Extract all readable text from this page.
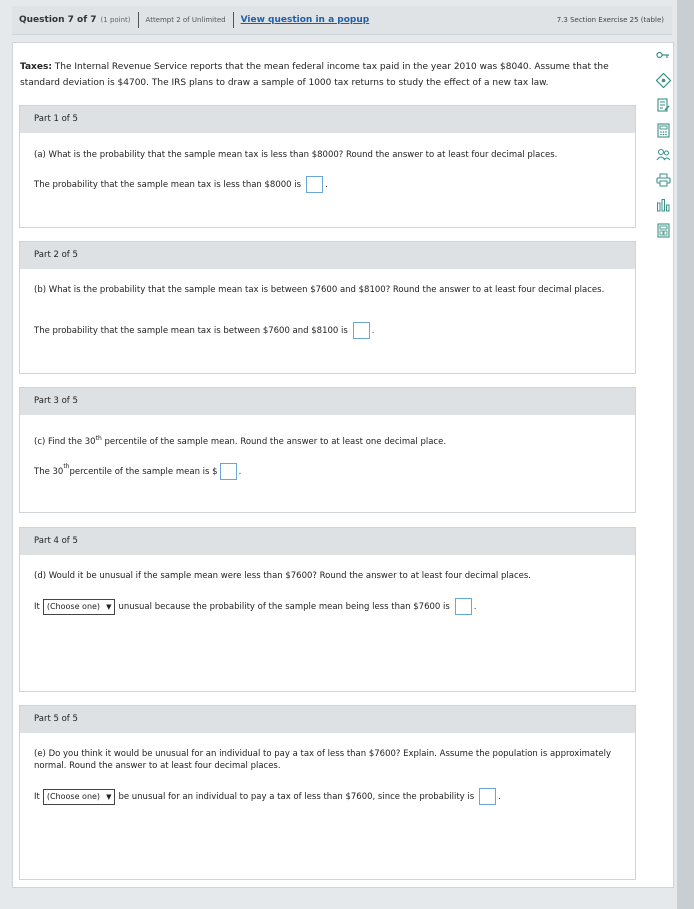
Question 7 of 7 (1 point) Attempt 2 of Unlimited View question in a popup	7.3 Section Exercise 25 (table)
Taxes: The Internal Revenue Service reports that the mean federal income tax paid in the year 2010 was $8040. Assume that the standard deviation is $4700. The IRS plans to draw a sample of 1000 tax returns to study the effect of a new tax law.
Part 1 of 5
(a) What is the probability that the sample mean tax is less than $8000? Round the answer to at least four decimal places.
The probability that the sample mean tax is less than $8000 is	.
Part 2 of 5
(b) What is the probability that the sample mean tax is between $7600 and $8100? Round the answer to at least four decimal places.
The probability that the sample mean tax is between $7600 and $8100 is	.
Part 3 of 5
(c) Find the 30th percentile of the sample mean. Round the answer to at least one decimal place.
The 30th percentile of the sample mean is $ .
Part 4 of 5
(d) Would it be unusual if the sample mean were less than $7600? Round the answer to at least four decimal places.
It (Choose one) ▼ unusual because the probability of the sample mean being less than $7600 is	.
Part 5 of 5
(e) Do you think it would be unusual for an individual to pay a tax of less than $7600? Explain. Assume the population is approximately normal. Round the answer to at least four decimal places.
It (Choose one) ▼ be unusual for an individual to pay a tax of less than $7600, since the probability is	.
